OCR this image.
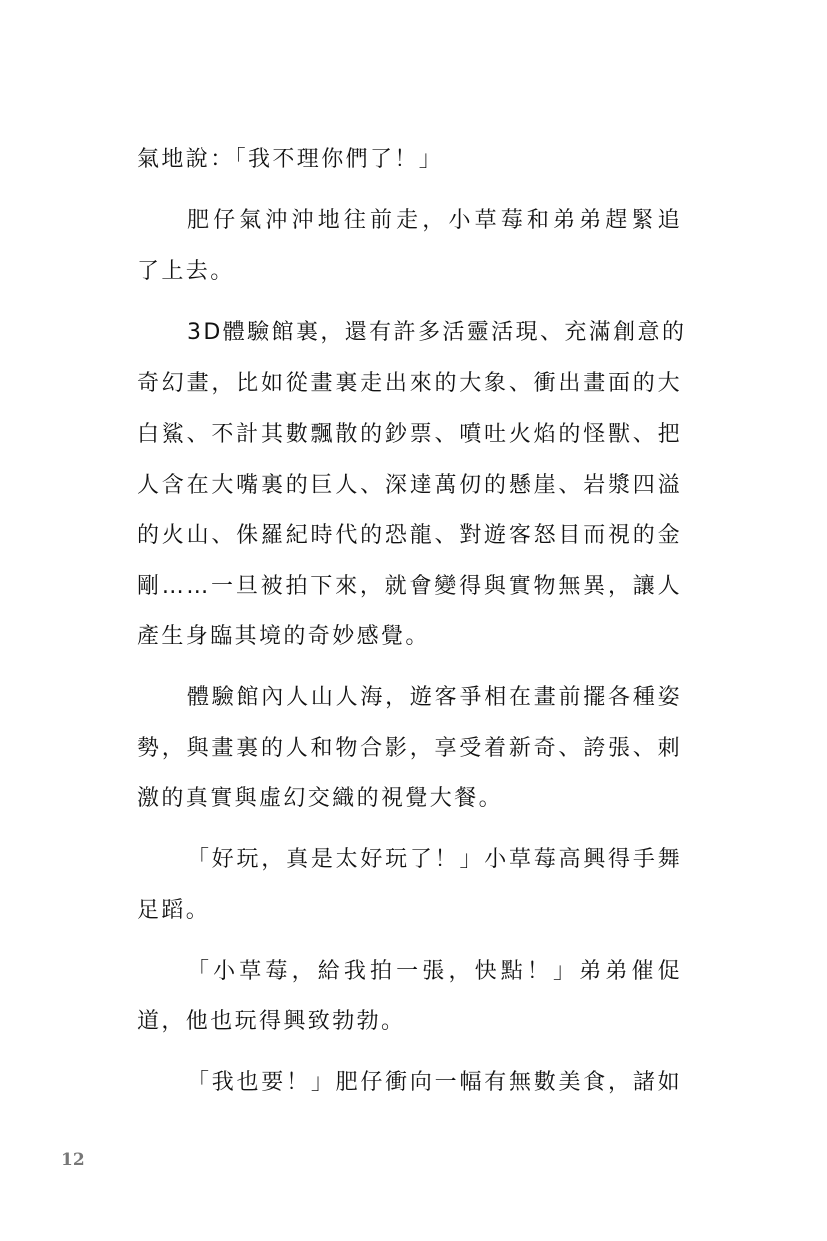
氣地說：「我不理你們了！」
肥仔氣沖沖地往前走，小草莓和弟弟趕緊追
了上去。
3D體驗館裏，還有許多活靈活現、充滿創意的
奇幻畫，比如從畫裏走出來的大象、衝出畫面的大
白鯊、不計其數飄散的鈔票、噴吐火焰的怪獸、把
人含在大嘴裏的巨人、深達萬仞的懸崖、岩漿四溢
的火山、侏羅紀時代的恐龍、對遊客怒目而視的金
剛……一旦被拍下來，就會變得與實物無異，讓人
產生身臨其境的奇妙感覺。
體驗館內人山人海，遊客爭相在畫前擺各種姿
勢，與畫裏的人和物合影，享受着新奇、誇張、刺
激的真實與虛幻交織的視覺大餐。
「好玩，真是太好玩了！」小草莓高興得手舞
足蹈。
「小草莓，給我拍一張，快點！」弟弟催促
道，他也玩得興致勃勃。
「我也要！」肥仔衝向一幅有無數美食，諸如
12
